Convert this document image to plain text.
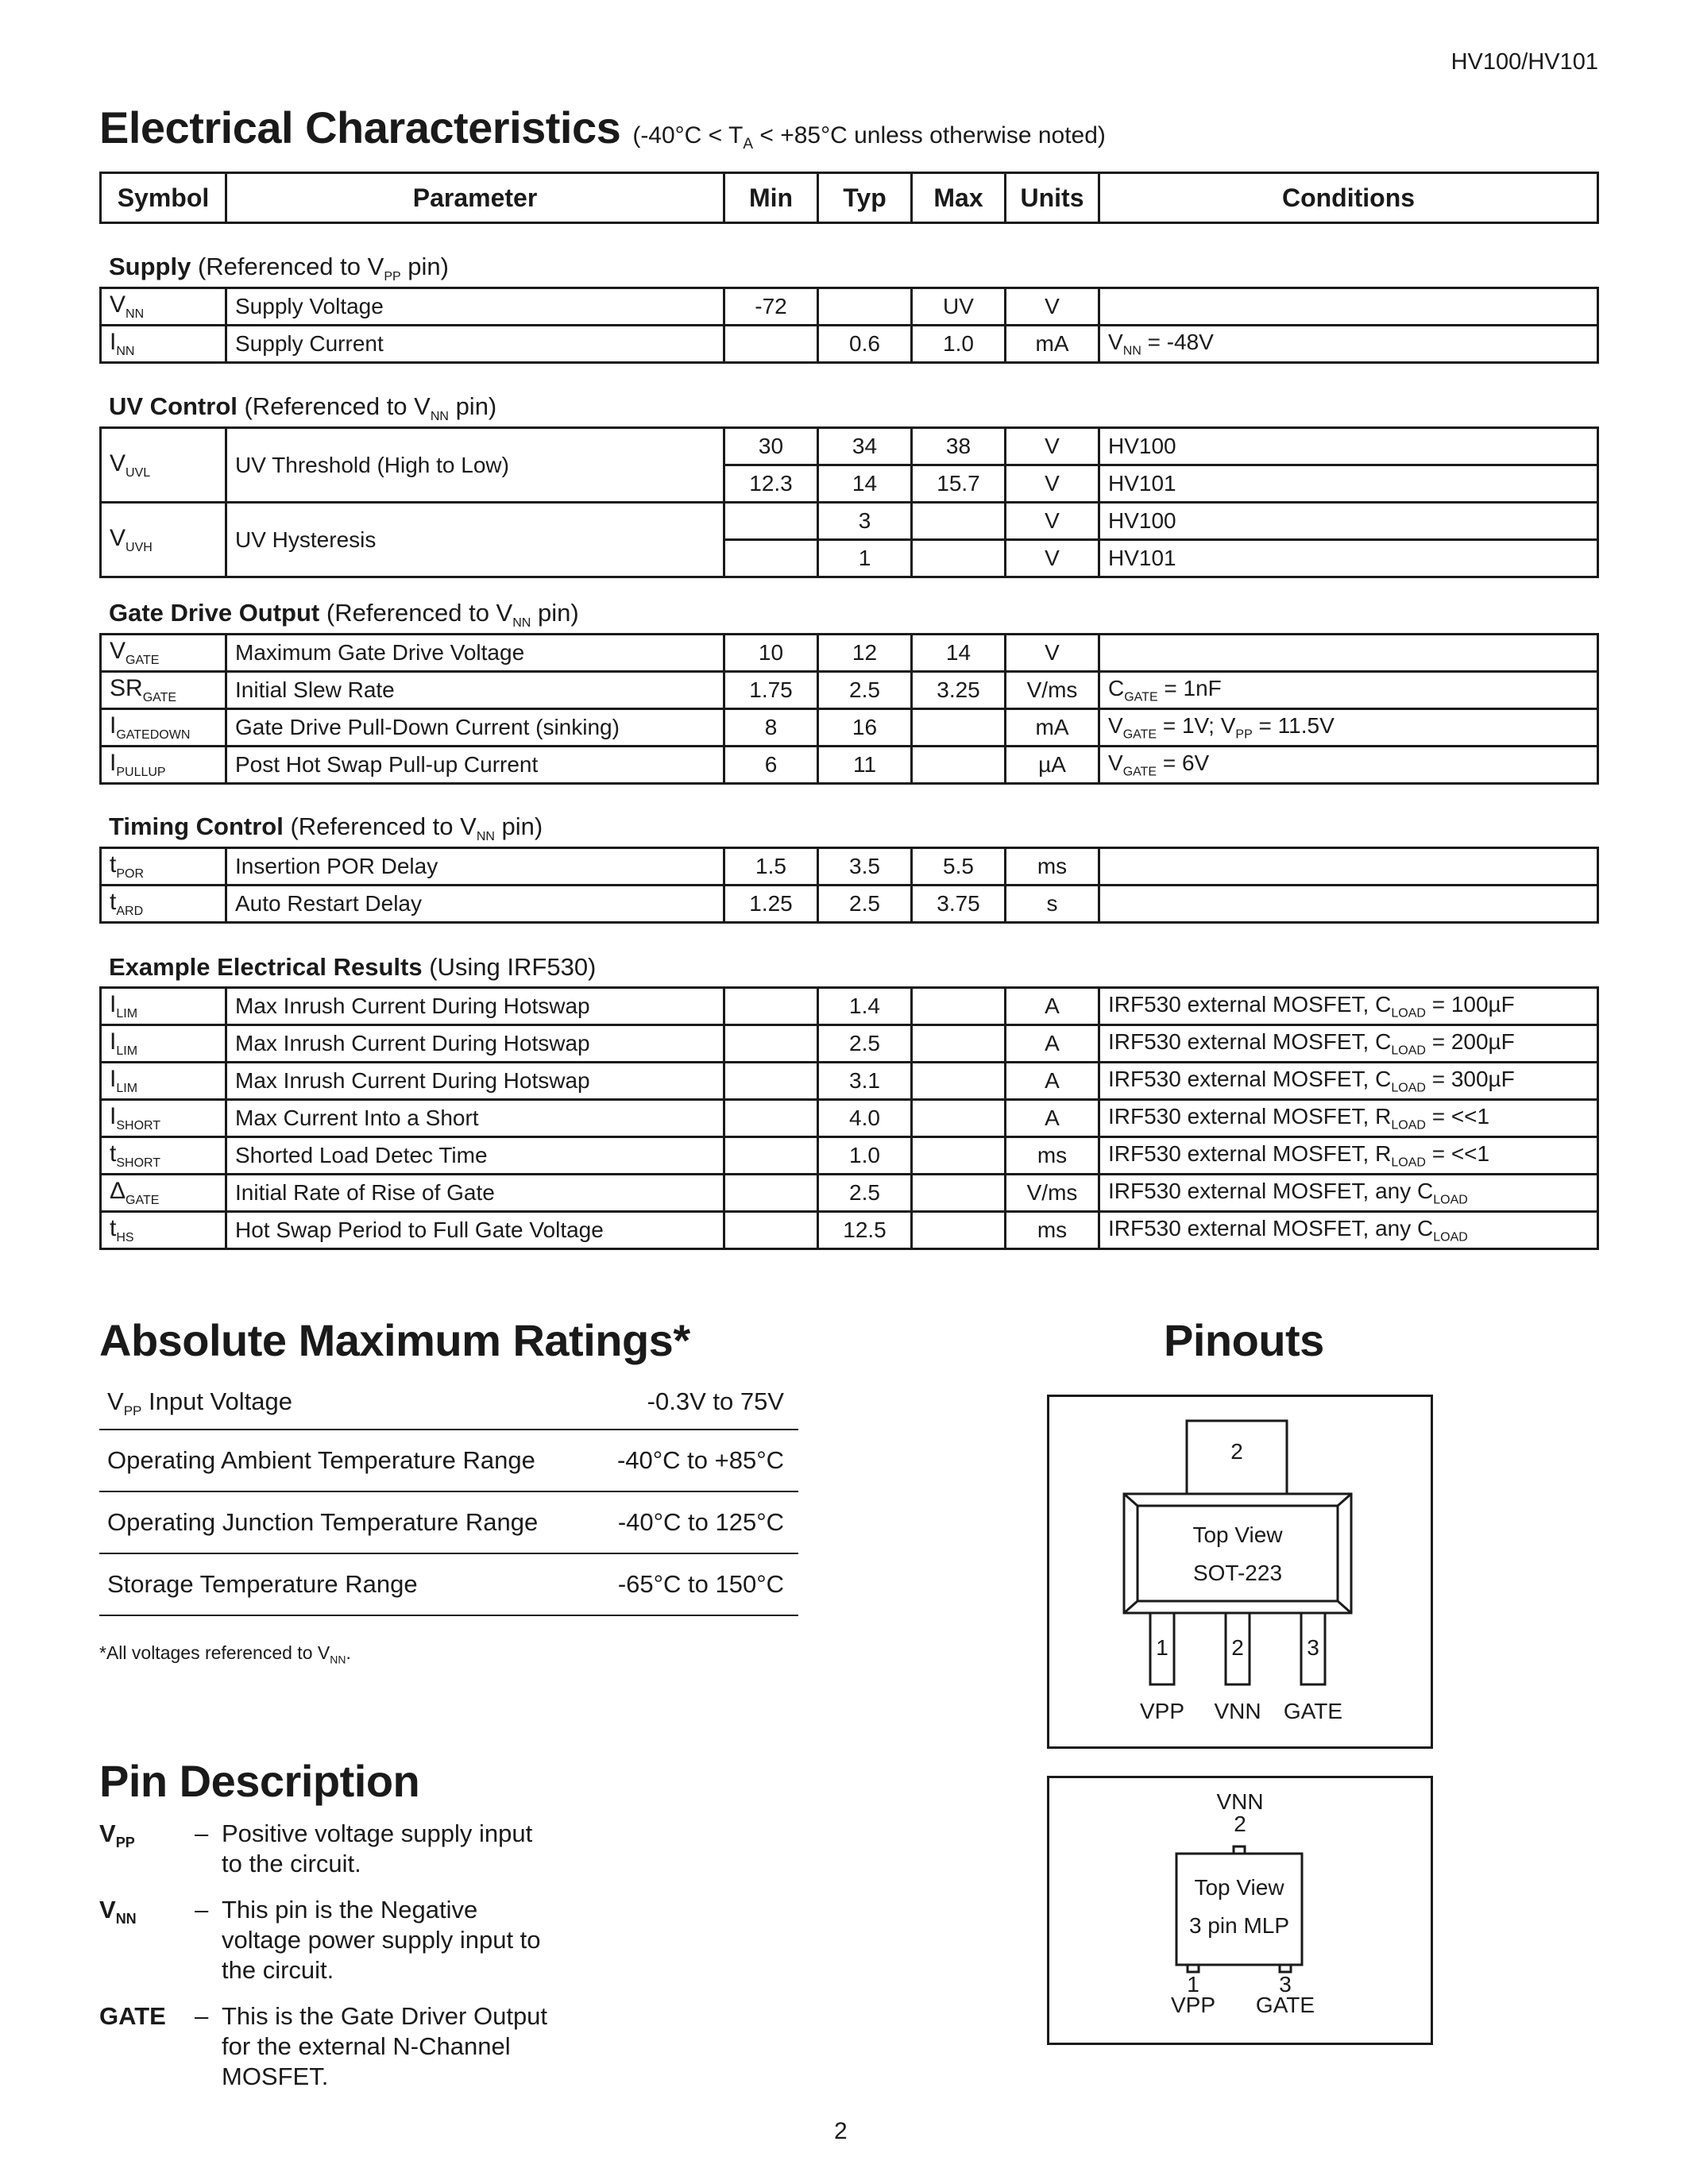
HV100/HV101
Electrical Characteristics ($-40^\circ C < T_A < +85^\circ C$ unless otherwise noted)
Symbol	Parameter	Min	Typ	Max	Units	Conditions
Supply (Referenced to $V_{PP}$ pin)
$V_{NN}$	Supply Voltage	-72		UV	V	
$I_{NN}$	Supply Current		0.6	1.0	mA	$V_{NN} = -48V$
UV Control (Referenced to $V_{NN}$ pin)
$V_{UVL}$	UV Threshold (High to Low)	30	34	38	V	HV100
		12.3	14	15.7	V	HV101
$V_{UVH}$	UV Hysteresis		3		V	HV100
			1		V	HV101
Gate Drive Output (Referenced to $V_{NN}$ pin)
$V_{GATE}$	Maximum Gate Drive Voltage	10	12	14	V	
$SR_{GATE}$	Initial Slew Rate	1.75	2.5	3.25	V/ms	$C_{GATE} = 1nF$
$I_{GATEDOWN}$	Gate Drive Pull-Down Current (sinking)	8	16		mA	$V_{GATE} = 1V$; $V_{PP} = 11.5V$
$I_{PULLUP}$	Post Hot Swap Pull-up Current	6	11		µA	$V_{GATE} = 6V$
Timing Control (Referenced to $V_{NN}$ pin)
$t_{POR}$	Insertion POR Delay	1.5	3.5	5.5	ms	
$t_{ARD}$	Auto Restart Delay	1.25	2.5	3.75	s	
Example Electrical Results (Using IRF530)
$I_{LIM}$	Max Inrush Current During Hotswap		1.4		A	IRF530 external MOSFET, $C_{LOAD} = 100\mu F$
$I_{LIM}$	Max Inrush Current During Hotswap		2.5		A	IRF530 external MOSFET, $C_{LOAD} = 200\mu F$
$I_{LIM}$	Max Inrush Current During Hotswap		3.1		A	IRF530 external MOSFET, $C_{LOAD} = 300\mu F$
$I_{SHORT}$	Max Current Into a Short		4.0		A	IRF530 external MOSFET, $R_{LOAD} = <<1$
$t_{SHORT}$	Shorted Load Detec Time		1.0		ms	IRF530 external MOSFET, $R_{LOAD} = <<1$
$\Delta_{GATE}$	Initial Rate of Rise of Gate		2.5		V/ms	IRF530 external MOSFET, any $C_{LOAD}$
$t_{HS}$	Hot Swap Period to Full Gate Voltage		12.5		ms	IRF530 external MOSFET, any $C_{LOAD}$
Absolute Maximum Ratings*
$V_{PP}$ Input Voltage	-0.3V to 75V
Operating Ambient Temperature Range	-40°C to +85°C
Operating Junction Temperature Range	-40°C to 125°C
Storage Temperature Range	-65°C to 150°C
*All voltages referenced to $V_{NN}$.
Pin Description
$V_{PP}$	– Positive voltage supply input to the circuit.
$V_{NN}$	– This pin is the Negative voltage power supply input to the circuit.
GATE	– This is the Gate Driver Output for the external N-Channel MOSFET.
Pinouts
2
Top View
SOT-223
1	2	3
VPP	VNN	GATE
VNN
2
Top View
3 pin MLP
1	3
VPP	GATE
2
